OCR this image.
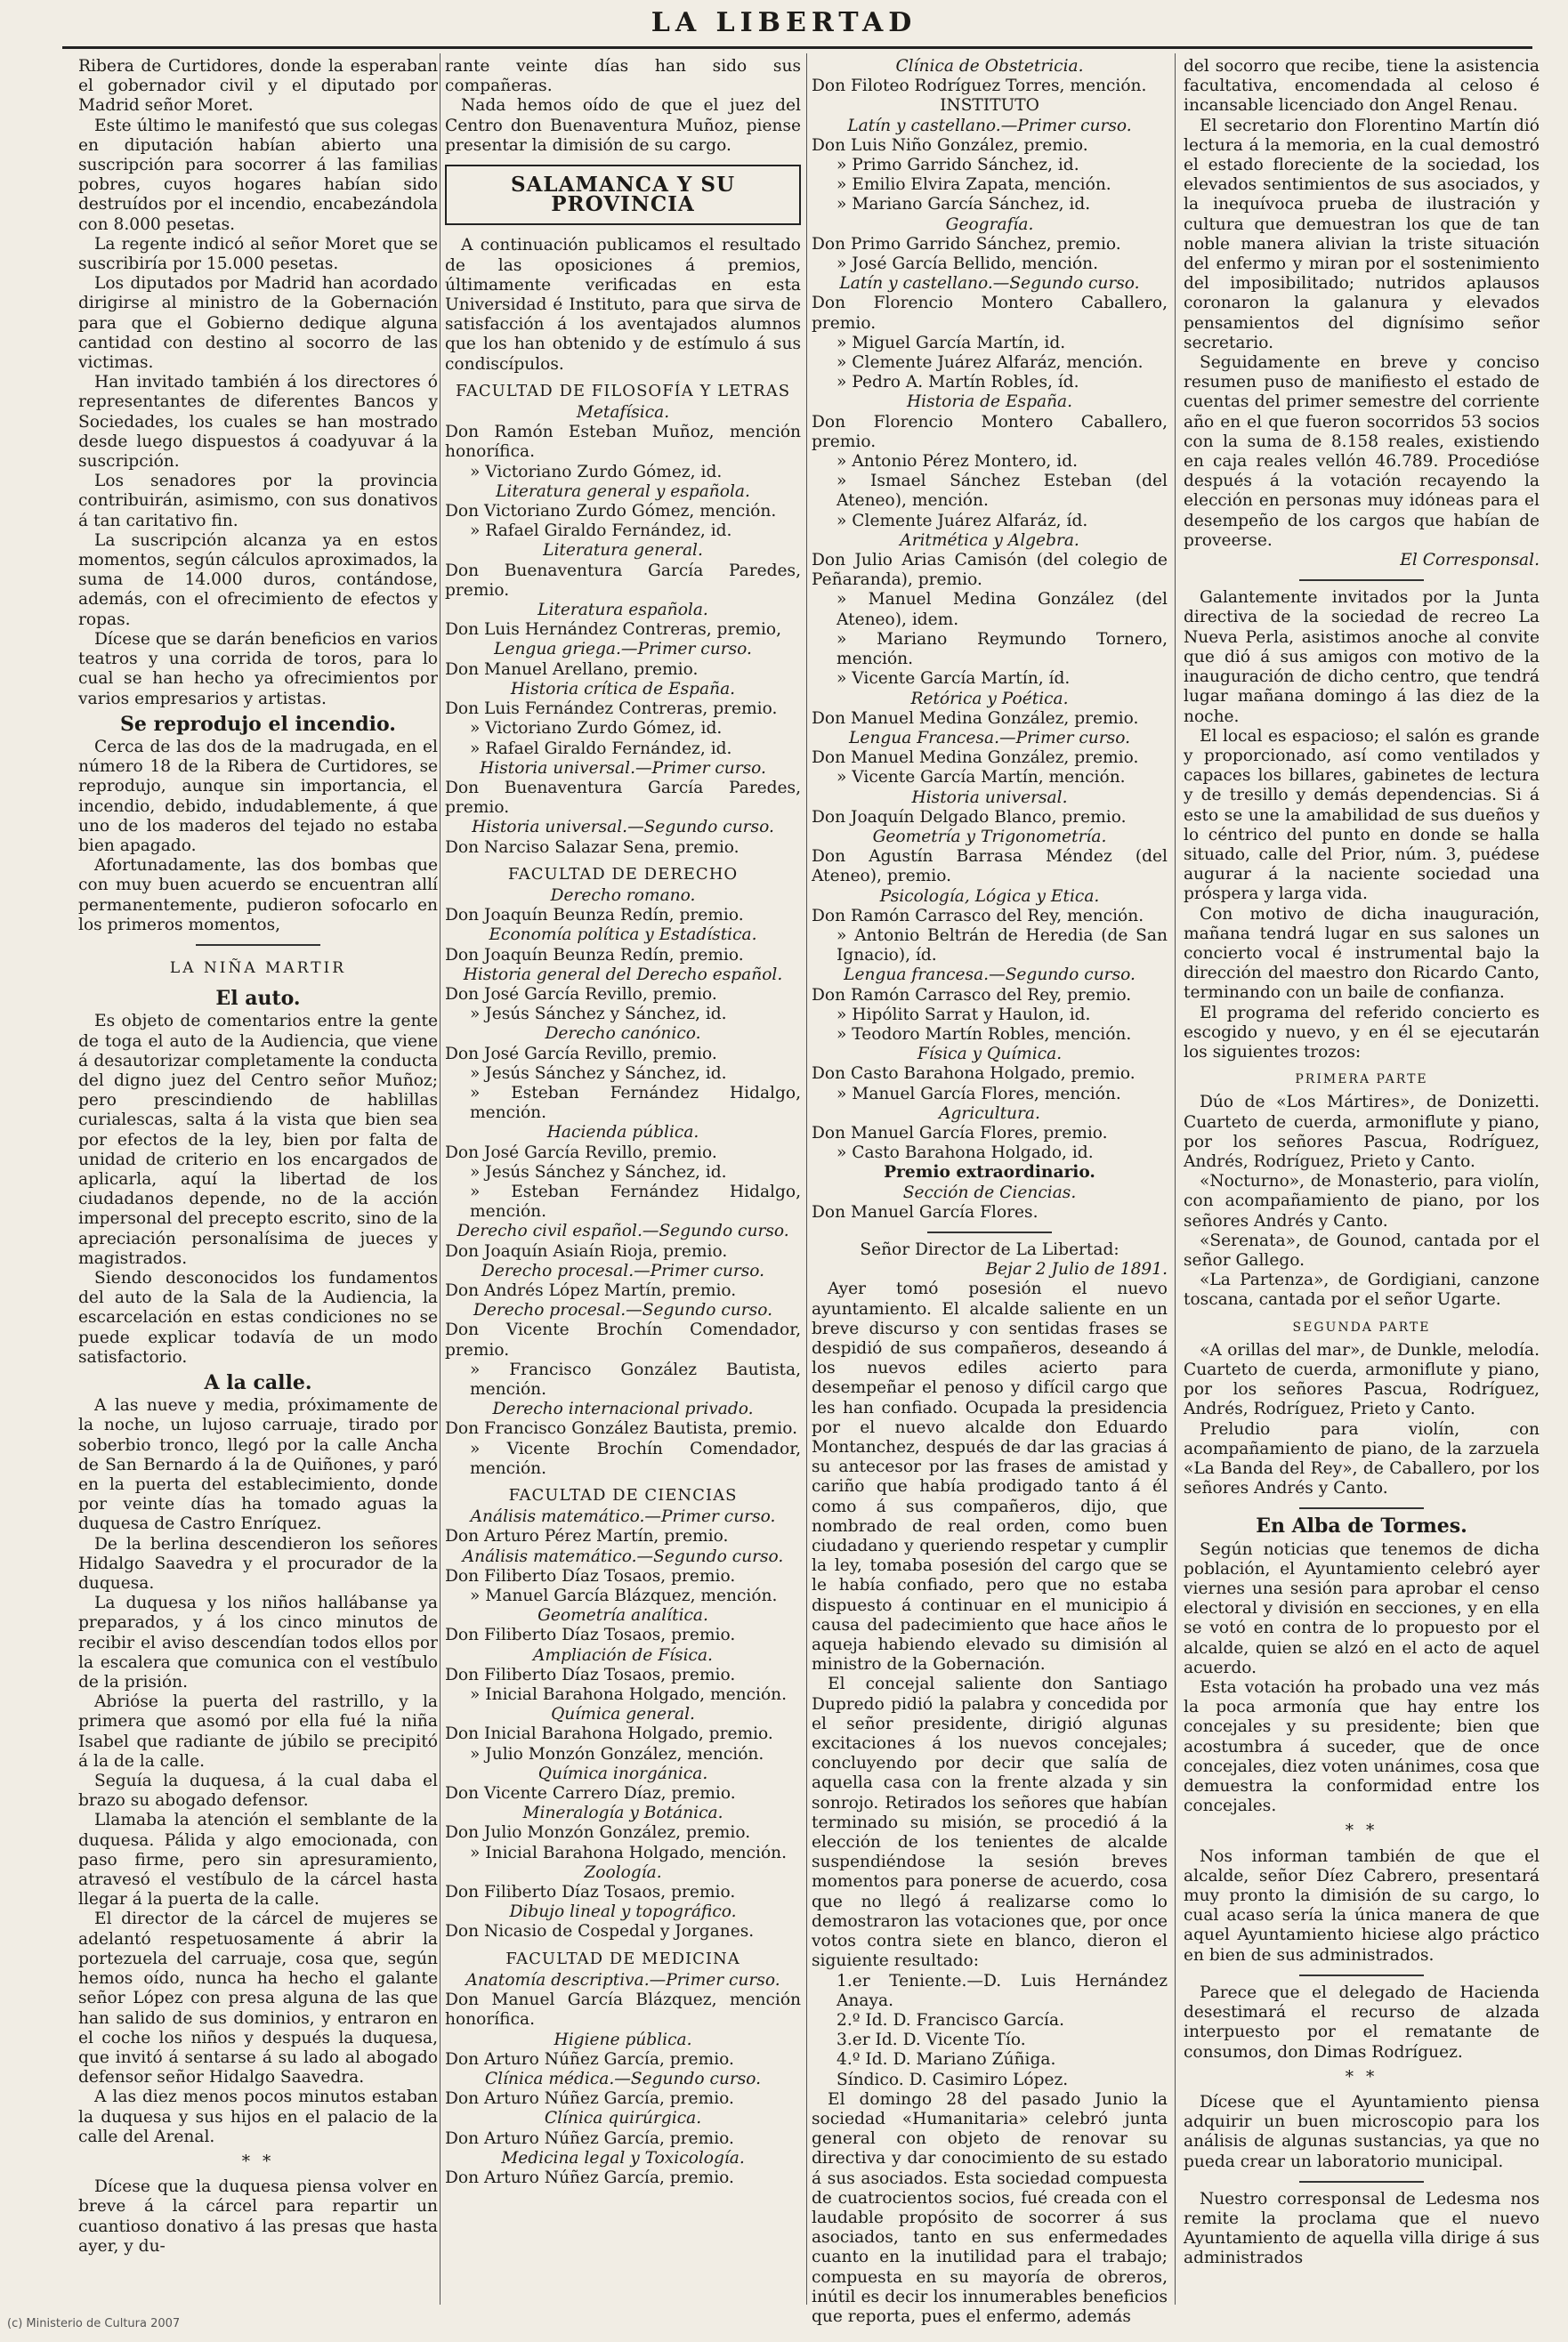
LA LIBERTAD

Ribera de Curtidores, donde la esperaban el gobernador civil y el diputado por Madrid señor Moret.

Este último le manifestó que sus colegas en diputación habían abierto una suscripción para socorrer á las familias pobres, cuyos hogares habían sido destruídos por el incendio, encabezándola con 8.000 pesetas.

La regente indicó al señor Moret que se suscribiría por 15.000 pesetas.

Los diputados por Madrid han acordado dirigirse al ministro de la Gobernación para que el Gobierno dedique alguna cantidad con destino al socorro de las victimas.

Han invitado también á los directores ó representantes de diferentes Bancos y Sociedades, los cuales se han mostrado desde luego dispuestos á coadyuvar á la suscripción.

Los senadores por la provincia contribuirán, asimismo, con sus donativos á tan caritativo fin.

La suscripción alcanza ya en estos momentos, según cálculos aproximados, la suma de 14.000 duros, contándose, además, con el ofrecimiento de efectos y ropas.

Dícese que se darán beneficios en varios teatros y una corrida de toros, para lo cual se han hecho ya ofrecimientos por varios empresarios y artistas.

Se reprodujo el incendio.

Cerca de las dos de la madrugada, en el número 18 de la Ribera de Curtidores, se reprodujo, aunque sin importancia, el incendio, debido, indudablemente, á que uno de los maderos del tejado no estaba bien apagado.

Afortunadamente, las dos bombas que con muy buen acuerdo se encuentran allí permanentemente, pudieron sofocarlo en los primeros momentos,

LA NIÑA MARTIR

El auto.

Es objeto de comentarios entre la gente de toga el auto de la Audiencia, que viene á desautorizar completamente la conducta del digno juez del Centro señor Muñoz; pero prescindiendo de hablillas curialescas, salta á la vista que bien sea por efectos de la ley, bien por falta de unidad de criterio en los encargados de aplicarla, aquí la libertad de los ciudadanos depende, no de la acción impersonal del precepto escrito, sino de la apreciación personalísima de jueces y magistrados.

Siendo desconocidos los fundamentos del auto de la Sala de la Audiencia, la escarcelación en estas condiciones no se puede explicar todavía de un modo satisfactorio.

A la calle.

A las nueve y media, próximamente de la noche, un lujoso carruaje, tirado por soberbio tronco, llegó por la calle Ancha de San Bernardo á la de Quiñones, y paró en la puerta del establecimiento, donde por veinte días ha tomado aguas la duquesa de Castro Enríquez.

De la berlina descendieron los señores Hidalgo Saavedra y el procurador de la duquesa.

La duquesa y los niños hallábanse ya preparados, y á los cinco minutos de recibir el aviso descendían todos ellos por la escalera que comunica con el vestíbulo de la prisión.

Abrióse la puerta del rastrillo, y la primera que asomó por ella fué la niña Isabel que radiante de júbilo se precipitó á la de la calle.

Seguía la duquesa, á la cual daba el brazo su abogado defensor.

Llamaba la atención el semblante de la duquesa. Pálida y algo emocionada, con paso firme, pero sin apresuramiento, atravesó el vestíbulo de la cárcel hasta llegar á la puerta de la calle.

El director de la cárcel de mujeres se adelantó respetuosamente á abrir la portezuela del carruaje, cosa que, según hemos oído, nunca ha hecho el galante señor López con presa alguna de las que han salido de sus dominios, y entraron en el coche los niños y después la duquesa, que invitó á sentarse á su lado al abogado defensor señor Hidalgo Saavedra.

A las diez menos pocos minutos estaban la duquesa y sus hijos en el palacio de la calle del Arenal.

* *

Dícese que la duquesa piensa volver en breve á la cárcel para repartir un cuantioso donativo á las presas que hasta ayer, y du-

rante veinte días han sido sus compañeras.

Nada hemos oído de que el juez del Centro don Buenaventura Muñoz, piense presentar la dimisión de su cargo.

SALAMANCA Y SU PROVINCIA

A continuación publicamos el resultado de las oposiciones á premios, últimamente verificadas en esta Universidad é Instituto, para que sirva de satisfacción á los aventajados alumnos que los han obtenido y de estímulo á sus condiscípulos.

FACULTAD DE FILOSOFÍA Y LETRAS

Metafísica.

Don Ramón Esteban Muñoz, mención honorífica.

» Victoriano Zurdo Gómez, id.

Literatura general y española.

Don Victoriano Zurdo Gómez, mención.

» Rafael Giraldo Fernández, id.

Literatura general.

Don Buenaventura García Paredes, premio.

Literatura española.

Don Luis Hernández Contreras, premio,

Lengua griega.—Primer curso.

Don Manuel Arellano, premio.

Historia crítica de España.

Don Luis Fernández Contreras, premio.

» Victoriano Zurdo Gómez, id.

» Rafael Giraldo Fernández, id.

Historia universal.—Primer curso.

Don Buenaventura García Paredes, premio.

Historia universal.—Segundo curso.

Don Narciso Salazar Sena, premio.

FACULTAD DE DERECHO

Derecho romano.

Don Joaquín Beunza Redín, premio.

Economía política y Estadística.

Don Joaquín Beunza Redín, premio.

Historia general del Derecho español.

Don José García Revillo, premio.

» Jesús Sánchez y Sánchez, id.

Derecho canónico.

Don José García Revillo, premio.

» Jesús Sánchez y Sánchez, id.

» Esteban Fernández Hidalgo, mención.

Hacienda pública.

Don José García Revillo, premio.

» Jesús Sánchez y Sánchez, id.

» Esteban Fernández Hidalgo, mención.

Derecho civil español.—Segundo curso.

Don Joaquín Asiaín Rioja, premio.

Derecho procesal.—Primer curso.

Don Andrés López Martín, premio.

Derecho procesal.—Segundo curso.

Don Vicente Brochín Comendador, premio.

» Francisco González Bautista, mención.

Derecho internacional privado.

Don Francisco González Bautista, premio.

» Vicente Brochín Comendador, mención.

FACULTAD DE CIENCIAS

Análisis matemático.—Primer curso.

Don Arturo Pérez Martín, premio.

Análisis matemático.—Segundo curso.

Don Filiberto Díaz Tosaos, premio.

» Manuel García Blázquez, mención.

Geometría analítica.

Don Filiberto Díaz Tosaos, premio.

Ampliación de Física.

Don Filiberto Díaz Tosaos, premio.

» Inicial Barahona Holgado, mención.

Química general.

Don Inicial Barahona Holgado, premio.

» Julio Monzón González, mención.

Química inorgánica.

Don Vicente Carrero Díaz, premio.

Mineralogía y Botánica.

Don Julio Monzón González, premio.

» Inicial Barahona Holgado, mención.

Zoología.

Don Filiberto Díaz Tosaos, premio.

Dibujo lineal y topográfico.

Don Nicasio de Cospedal y Jorganes.

FACULTAD DE MEDICINA

Anatomía descriptiva.—Primer curso.

Don Manuel García Blázquez, mención honorífica.

Higiene pública.

Don Arturo Núñez García, premio.

Clínica médica.—Segundo curso.

Don Arturo Núñez García, premio.

Clínica quirúrgica.

Don Arturo Núñez García, premio.

Medicina legal y Toxicología.

Don Arturo Núñez García, premio.

Clínica de Obstetricia.

Don Filoteo Rodríguez Torres, mención.

INSTITUTO

Latín y castellano.—Primer curso.

Don Luis Niño González, premio.

» Primo Garrido Sánchez, id.

» Emilio Elvira Zapata, mención.

» Mariano García Sánchez, id.

Geografía.

Don Primo Garrido Sánchez, premio.

» José García Bellido, mención.

Latín y castellano.—Segundo curso.

Don Florencio Montero Caballero, premio.

» Miguel García Martín, id.

» Clemente Juárez Alfaráz, mención.

» Pedro A. Martín Robles, íd.

Historia de España.

Don Florencio Montero Caballero, premio.

» Antonio Pérez Montero, id.

» Ismael Sánchez Esteban (del Ateneo), mención.

» Clemente Juárez Alfaráz, íd.

Aritmética y Algebra.

Don Julio Arias Camisón (del colegio de Peñaranda), premio.

» Manuel Medina González (del Ateneo), idem.

» Mariano Reymundo Tornero, mención.

» Vicente García Martín, íd.

Retórica y Poética.

Don Manuel Medina González, premio.

Lengua Francesa.—Primer curso.

Don Manuel Medina González, premio.

» Vicente García Martín, mención.

Historia universal.

Don Joaquín Delgado Blanco, premio.

Geometría y Trigonometría.

Don Agustín Barrasa Méndez (del Ateneo), premio.

Psicología, Lógica y Etica.

Don Ramón Carrasco del Rey, mención.

» Antonio Beltrán de Heredia (de San Ignacio), íd.

Lengua francesa.—Segundo curso.

Don Ramón Carrasco del Rey, premio.

» Hipólito Sarrat y Haulon, id.

» Teodoro Martín Robles, mención.

Física y Química.

Don Casto Barahona Holgado, premio.

» Manuel García Flores, mención.

Agricultura.

Don Manuel García Flores, premio.

» Casto Barahona Holgado, id.

Premio extraordinario.

Sección de Ciencias.

Don Manuel García Flores.

Señor Director de La Libertad:

Bejar 2 Julio de 1891.

Ayer tomó posesión el nuevo ayuntamiento. El alcalde saliente en un breve discurso y con sentidas frases se despidió de sus compañeros, deseando á los nuevos ediles acierto para desempeñar el penoso y difícil cargo que les han confiado. Ocupada la presidencia por el nuevo alcalde don Eduardo Montanchez, después de dar las gracias á su antecesor por las frases de amistad y cariño que había prodigado tanto á él como á sus compañeros, dijo, que nombrado de real orden, como buen ciudadano y queriendo respetar y cumplir la ley, tomaba posesión del cargo que se le había confiado, pero que no estaba dispuesto á continuar en el municipio á causa del padecimiento que hace años le aqueja habiendo elevado su dimisión al ministro de la Gobernación.

El concejal saliente don Santiago Dupredo pidió la palabra y concedida por el señor presidente, dirigió algunas excitaciones á los nuevos concejales; concluyendo por decir que salía de aquella casa con la frente alzada y sin sonrojo. Retirados los señores que habían terminado su misión, se procedió á la elección de los tenientes de alcalde suspendiéndose la sesión breves momentos para ponerse de acuerdo, cosa que no llegó á realizarse como lo demostraron las votaciones que, por once votos contra siete en blanco, dieron el siguiente resultado:

1.er Teniente.—D. Luis Hernández Anaya.

2.º Id. D. Francisco García.

3.er Id. D. Vicente Tío.

4.º Id. D. Mariano Zúñiga.

Síndico. D. Casimiro López.

El domingo 28 del pasado Junio la sociedad «Humanitaria» celebró junta general con objeto de renovar su directiva y dar conocimiento de su estado á sus asociados. Esta sociedad compuesta de cuatrocientos socios, fué creada con el laudable propósito de socorrer á sus asociados, tanto en sus enfermedades cuanto en la inutilidad para el trabajo; compuesta en su mayoría de obreros, inútil es decir los innumerables beneficios que reporta, pues el enfermo, además

del socorro que recibe, tiene la asistencia facultativa, encomendada al celoso é incansable licenciado don Angel Renau.

El secretario don Florentino Martín dió lectura á la memoria, en la cual demostró el estado floreciente de la sociedad, los elevados sentimientos de sus asociados, y la inequívoca prueba de ilustración y cultura que demuestran los que de tan noble manera alivian la triste situación del enfermo y miran por el sostenimiento del imposibilitado; nutridos aplausos coronaron la galanura y elevados pensamientos del dignísimo señor secretario.

Seguidamente en breve y conciso resumen puso de manifiesto el estado de cuentas del primer semestre del corriente año en el que fueron socorridos 53 socios con la suma de 8.158 reales, existiendo en caja reales vellón 46.789. Procedióse después á la votación recayendo la elección en personas muy idóneas para el desempeño de los cargos que habían de proveerse.

El Corresponsal.

Galantemente invitados por la Junta directiva de la sociedad de recreo La Nueva Perla, asistimos anoche al convite que dió á sus amigos con motivo de la inauguración de dicho centro, que tendrá lugar mañana domingo á las diez de la noche.

El local es espacioso; el salón es grande y proporcionado, así como ventilados y capaces los billares, gabinetes de lectura y de tresillo y demás dependencias. Si á esto se une la amabilidad de sus dueños y lo céntrico del punto en donde se halla situado, calle del Prior, núm. 3, puédese augurar á la naciente sociedad una próspera y larga vida.

Con motivo de dicha inauguración, mañana tendrá lugar en sus salones un concierto vocal é instrumental bajo la dirección del maestro don Ricardo Canto, terminando con un baile de confianza.

El programa del referido concierto es escogido y nuevo, y en él se ejecutarán los siguientes trozos:

PRIMERA PARTE

Dúo de «Los Mártires», de Donizetti. Cuarteto de cuerda, armoniflute y piano, por los señores Pascua, Rodríguez, Andrés, Rodríguez, Prieto y Canto.

«Nocturno», de Monasterio, para violín, con acompañamiento de piano, por los señores Andrés y Canto.

«Serenata», de Gounod, cantada por el señor Gallego.

«La Partenza», de Gordigiani, canzone toscana, cantada por el señor Ugarte.

SEGUNDA PARTE

«A orillas del mar», de Dunkle, melodía. Cuarteto de cuerda, armoniflute y piano, por los señores Pascua, Rodríguez, Andrés, Rodríguez, Prieto y Canto.

Preludio para violín, con acompañamiento de piano, de la zarzuela «La Banda del Rey», de Caballero, por los señores Andrés y Canto.

En Alba de Tormes.

Según noticias que tenemos de dicha población, el Ayuntamiento celebró ayer viernes una sesión para aprobar el censo electoral y división en secciones, y en ella se votó en contra de lo propuesto por el alcalde, quien se alzó en el acto de aquel acuerdo.

Esta votación ha probado una vez más la poca armonía que hay entre los concejales y su presidente; bien que acostumbra á suceder, que de once concejales, diez voten unánimes, cosa que demuestra la conformidad entre los concejales.

* *

Nos informan también de que el alcalde, señor Díez Cabrero, presentará muy pronto la dimisión de su cargo, lo cual acaso sería la única manera de que aquel Ayuntamiento hiciese algo práctico en bien de sus administrados.

Parece que el delegado de Hacienda desestimará el recurso de alzada interpuesto por el rematante de consumos, don Dimas Rodríguez.

* *

Dícese que el Ayuntamiento piensa adquirir un buen microscopio para los análisis de algunas sustancias, ya que no pueda crear un laboratorio municipal.

Nuestro corresponsal de Ledesma nos remite la proclama que el nuevo Ayuntamiento de aquella villa dirige á sus administrados

(c) Ministerio de Cultura 2007
